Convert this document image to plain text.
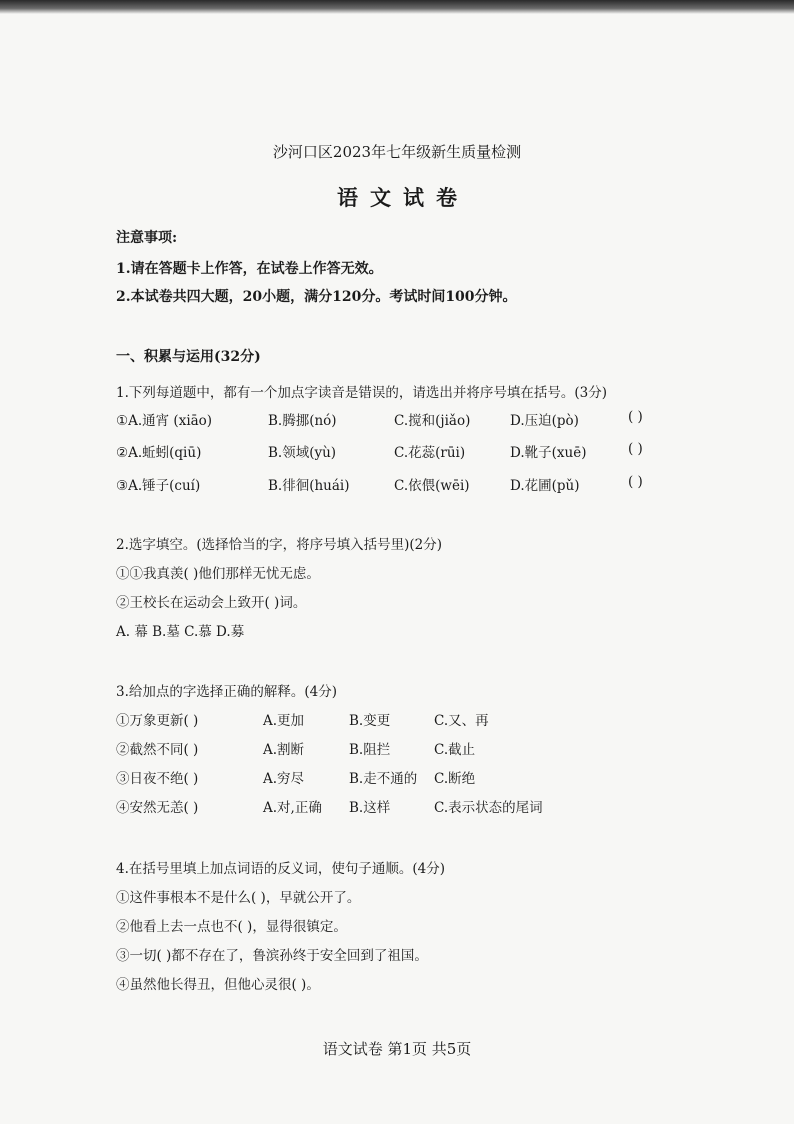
沙河口区2023年七年级新生质量检测
语文试卷
注意事项:
1.请在答题卡上作答，在试卷上作答无效。
2.本试卷共四大题，20小题，满分120分。考试时间100分钟。
一、积累与运用(32分)
1.下列每道题中，都有一个加点字读音是错误的，请选出并将序号填在括号。(3分)
①A.通宵 (xiāo)	B.腾挪(nó)	C.搅和(jiǎo)	D.压迫(pò)	( )
②A.蚯蚓(qiū)	B.领域(yù)	C.花蕊(rūi)	D.靴子(xuē)	( )
③A.锤子(cuí)	B.徘徊(huái)	C.依偎(wēi)	D.花圃(pǔ)	( )
2.选字填空。(选择恰当的字，将序号填入括号里)(2分)
①①我真羡( )他们那样无忧无虑。
②王校长在运动会上致开( )词。
A. 幕 B.墓 C.慕 D.募
3.给加点的字选择正确的解释。(4分)
①万象更新( )	A.更加	B.变更	C.又、再
②截然不同( )	A.割断	B.阻拦	C.截止
③日夜不绝( )	A.穷尽	B.走不通的 C.断绝
④安然无恙( )	A.对,正确 B.这样	C.表示状态的尾词
4.在括号里填上加点词语的反义词，使句子通顺。(4分)
①这件事根本不是什么( )，早就公开了。
②他看上去一点也不( )，显得很镇定。
③一切( )都不存在了，鲁滨孙终于安全回到了祖国。
④虽然他长得丑，但他心灵很( )。
语文试卷 第1页 共5页
